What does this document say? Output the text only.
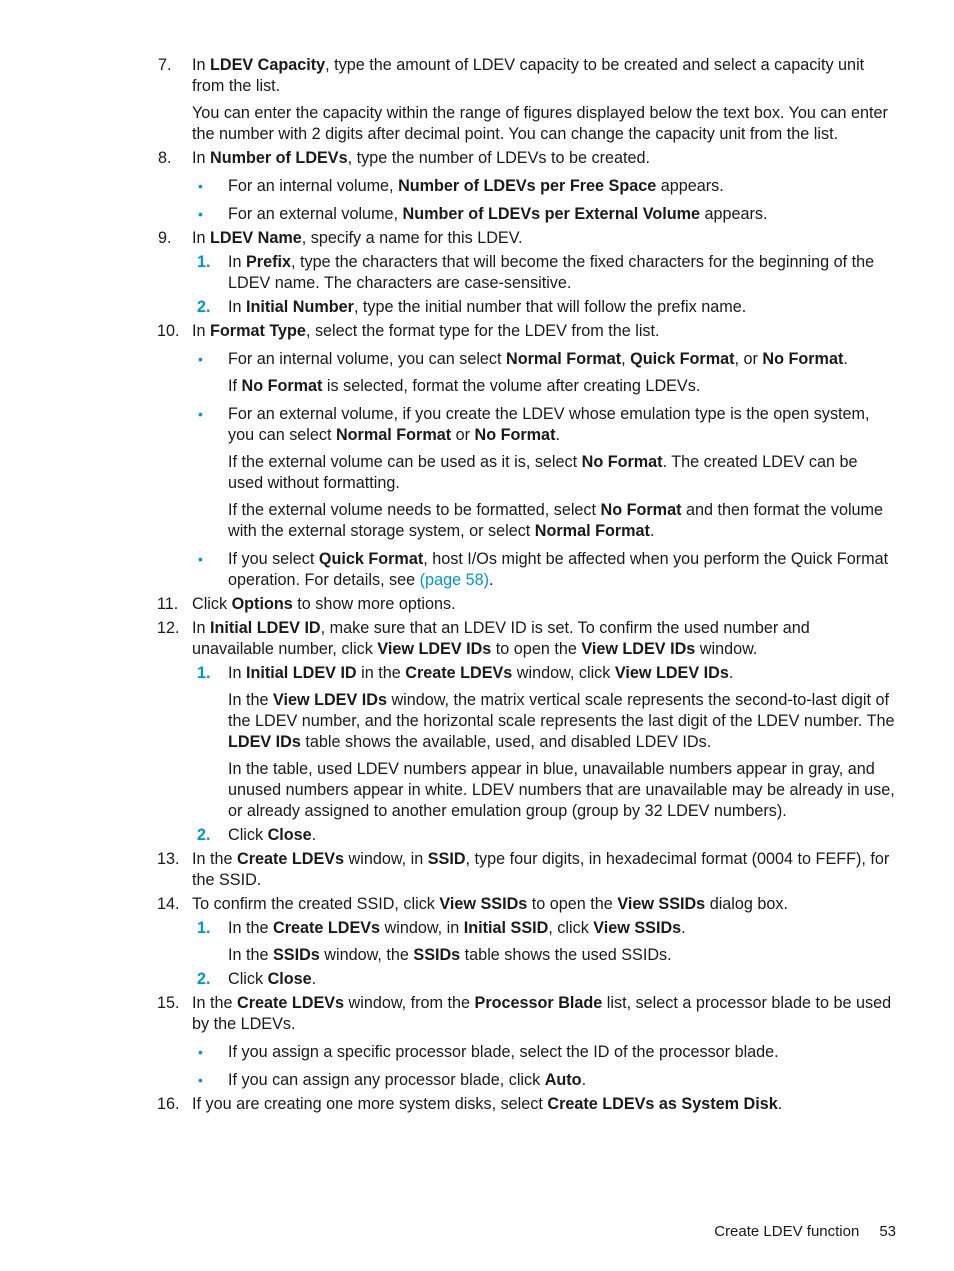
7. In LDEV Capacity, type the amount of LDEV capacity to be created and select a capacity unit from the list.
You can enter the capacity within the range of figures displayed below the text box. You can enter the number with 2 digits after decimal point. You can change the capacity unit from the list.
8. In Number of LDEVs, type the number of LDEVs to be created.
• For an internal volume, Number of LDEVs per Free Space appears.
• For an external volume, Number of LDEVs per External Volume appears.
9. In LDEV Name, specify a name for this LDEV.
1. In Prefix, type the characters that will become the fixed characters for the beginning of the LDEV name. The characters are case-sensitive.
2. In Initial Number, type the initial number that will follow the prefix name.
10. In Format Type, select the format type for the LDEV from the list.
• For an internal volume, you can select Normal Format, Quick Format, or No Format.
If No Format is selected, format the volume after creating LDEVs.
• For an external volume, if you create the LDEV whose emulation type is the open system, you can select Normal Format or No Format.
If the external volume can be used as it is, select No Format. The created LDEV can be used without formatting.
If the external volume needs to be formatted, select No Format and then format the volume with the external storage system, or select Normal Format.
• If you select Quick Format, host I/Os might be affected when you perform the Quick Format operation. For details, see (page 58).
11. Click Options to show more options.
12. In Initial LDEV ID, make sure that an LDEV ID is set. To confirm the used number and unavailable number, click View LDEV IDs to open the View LDEV IDs window.
1. In Initial LDEV ID in the Create LDEVs window, click View LDEV IDs.
In the View LDEV IDs window, the matrix vertical scale represents the second-to-last digit of the LDEV number, and the horizontal scale represents the last digit of the LDEV number. The LDEV IDs table shows the available, used, and disabled LDEV IDs.
In the table, used LDEV numbers appear in blue, unavailable numbers appear in gray, and unused numbers appear in white. LDEV numbers that are unavailable may be already in use, or already assigned to another emulation group (group by 32 LDEV numbers).
2. Click Close.
13. In the Create LDEVs window, in SSID, type four digits, in hexadecimal format (0004 to FEFF), for the SSID.
14. To confirm the created SSID, click View SSIDs to open the View SSIDs dialog box.
1. In the Create LDEVs window, in Initial SSID, click View SSIDs.
In the SSIDs window, the SSIDs table shows the used SSIDs.
2. Click Close.
15. In the Create LDEVs window, from the Processor Blade list, select a processor blade to be used by the LDEVs.
• If you assign a specific processor blade, select the ID of the processor blade.
• If you can assign any processor blade, click Auto.
16. If you are creating one more system disks, select Create LDEVs as System Disk.
Create LDEV function 53
